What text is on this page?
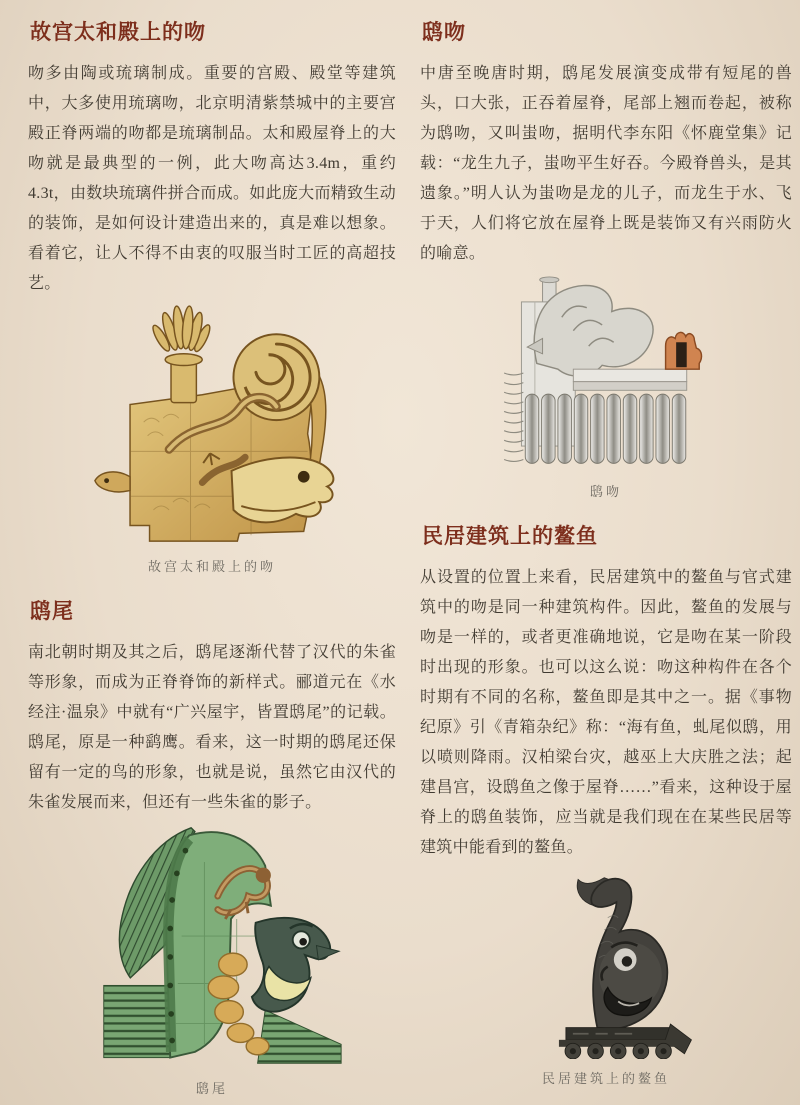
故宫太和殿上的吻

吻多由陶或琉璃制成。重要的宫殿、殿堂等建筑中，大多使用琉璃吻，北京明清紫禁城中的主要宫殿正脊两端的吻都是琉璃制品。太和殿屋脊上的大吻就是最典型的一例，此大吻高达3.4m，重约4.3t，由数块琉璃件拼合而成。如此庞大而精致生动的装饰，是如何设计建造出来的，真是难以想象。看着它，让人不得不由衷的叹服当时工匠的高超技艺。

故宫太和殿上的吻
鸱尾

南北朝时期及其之后，鸱尾逐渐代替了汉代的朱雀等形象，而成为正脊脊饰的新样式。郦道元在《水经注·温泉》中就有“广兴屋宇，皆置鸱尾”的记载。鸱尾，原是一种鹞鹰。看来，这一时期的鸱尾还保留有一定的鸟的形象，也就是说，虽然它由汉代的朱雀发展而来，但还有一些朱雀的影子。

鸱尾
鸱吻

中唐至晚唐时期，鸱尾发展演变成带有短尾的兽头，口大张，正吞着屋脊，尾部上翘而卷起，被称为鸱吻，又叫蚩吻，据明代李东阳《怀鹿堂集》记载：“龙生九子，蚩吻平生好吞。今殿脊兽头，是其遗象。”明人认为蚩吻是龙的儿子，而龙生于水、飞于天，人们将它放在屋脊上既是装饰又有兴雨防火的喻意。

鸱吻
民居建筑上的鳌鱼

从设置的位置上来看，民居建筑中的鳌鱼与官式建筑中的吻是同一种建筑构件。因此，鳌鱼的发展与吻是一样的，或者更准确地说，它是吻在某一阶段时出现的形象。也可以这么说：吻这种构件在各个时期有不同的名称，鳌鱼即是其中之一。据《事物纪原》引《青箱杂纪》称：“海有鱼，虬尾似鸱，用以喷则降雨。汉柏梁台灾，越巫上大庆胜之法；起建昌宫，设鸱鱼之像于屋脊……”看来，这种设于屋脊上的鸱鱼装饰，应当就是我们现在在某些民居等建筑中能看到的鳌鱼。

民居建筑上的鳌鱼
